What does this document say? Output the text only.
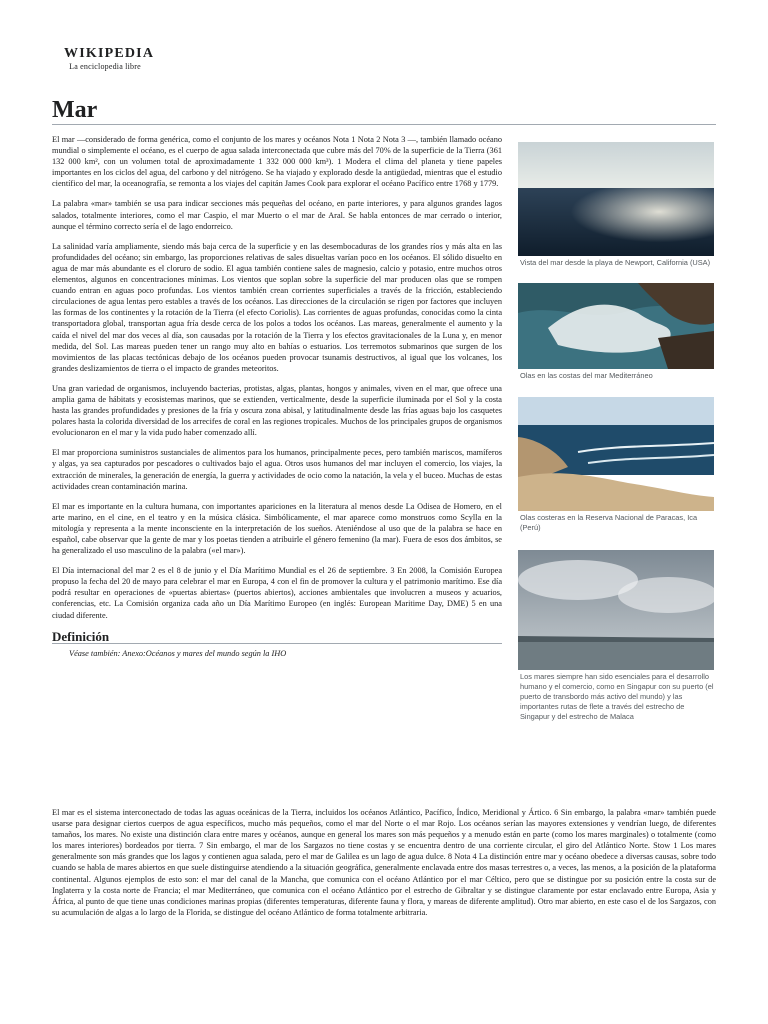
WIKIPEDIA
La enciclopedia libre
Mar

El mar —considerado de forma genérica, como el conjunto de los mares y océanos Nota 1 Nota 2 Nota 3 —, también llamado océano mundial o simplemente el océano, es el cuerpo de agua salada interconectada que cubre más del 70% de la superficie de la Tierra (361 132 000 km², con un volumen total de aproximadamente 1 332 000 000 km³). 1 Modera el clima del planeta y tiene papeles importantes en los ciclos del agua, del carbono y del nitrógeno. Se ha viajado y explorado desde la antigüedad, mientras que el estudio científico del mar, la oceanografía, se remonta a los viajes del capitán James Cook para explorar el océano Pacífico entre 1768 y 1779.

La palabra «mar» también se usa para indicar secciones más pequeñas del océano, en parte interiores, y para algunos grandes lagos salados, totalmente interiores, como el mar Caspio, el mar Muerto o el mar de Aral. Se habla entonces de mar cerrado o interior, aunque el término correcto sería el de lago endorreico.

La salinidad varía ampliamente, siendo más baja cerca de la superficie y en las desembocaduras de los grandes ríos y más alta en las profundidades del océano; sin embargo, las proporciones relativas de sales disueltas varían poco en los océanos. El sólido disuelto en agua de mar más abundante es el cloruro de sodio. El agua también contiene sales de magnesio, calcio y potasio, entre muchos otros elementos, algunos en concentraciones mínimas. Los vientos que soplan sobre la superficie del mar producen olas que se rompen cuando entran en aguas poco profundas. Los vientos también crean corrientes superficiales a través de la fricción, estableciendo circulaciones de agua lentas pero estables a través de los océanos. Las direcciones de la circulación se rigen por factores que incluyen las formas de los continentes y la rotación de la Tierra (el efecto Coriolis). Las corrientes de aguas profundas, conocidas como la cinta transportadora global, transportan agua fría desde cerca de los polos a todos los océanos. Las mareas, generalmente el aumento y la caída el nivel del mar dos veces al día, son causadas por la rotación de la Tierra y los efectos gravitacionales de la Luna y, en menor medida, del Sol. Las mareas pueden tener un rango muy alto en bahías o estuarios. Los terremotos submarinos que surgen de los movimientos de las placas tectónicas debajo de los océanos pueden provocar tsunamis destructivos, al igual que los volcanes, los grandes deslizamientos de tierra o el impacto de grandes meteoritos.

Una gran variedad de organismos, incluyendo bacterias, protistas, algas, plantas, hongos y animales, viven en el mar, que ofrece una amplia gama de hábitats y ecosistemas marinos, que se extienden, verticalmente, desde la superficie iluminada por el Sol y la costa hasta las grandes profundidades y presiones de la fría y oscura zona abisal, y latitudinalmente desde las frías aguas bajo los casquetes polares hasta la colorida diversidad de los arrecifes de coral en las regiones tropicales. Muchos de los principales grupos de organismos evolucionaron en el mar y la vida pudo haber comenzado allí.

El mar proporciona suministros sustanciales de alimentos para los humanos, principalmente peces, pero también mariscos, mamíferos y algas, ya sea capturados por pescadores o cultivados bajo el agua. Otros usos humanos del mar incluyen el comercio, los viajes, la extracción de minerales, la generación de energía, la guerra y actividades de ocio como la natación, la vela y el buceo. Muchas de estas actividades crean contaminación marina.

El mar es importante en la cultura humana, con importantes apariciones en la literatura al menos desde La Odisea de Homero, en el arte marino, en el cine, en el teatro y en la música clásica. Simbólicamente, el mar aparece como monstruos como Scylla en la mitología y representa a la mente inconsciente en la interpretación de los sueños. Ateniéndose al uso que de la palabra se hace en español, cabe observar que la gente de mar y los poetas tienden a atribuirle el género femenino (la mar). Fuera de esos dos ámbitos, se ha generalizado el uso masculino de la palabra («el mar»).

El Día internacional del mar 2 es el 8 de junio y el Día Marítimo Mundial es el 26 de septiembre. 3 En 2008, la Comisión Europea propuso la fecha del 20 de mayo para celebrar el mar en Europa, 4 con el fin de promover la cultura y el patrimonio marítimo. Ese día podrá resultar en operaciones de «puertas abiertas» (puertos abiertos), acciones ambientales que involucren a museos y acuarios, conferencias, etc. La Comisión organiza cada año un Día Marítimo Europeo (en inglés: European Maritime Day, DME) 5 en una ciudad diferente.

Definición
Véase también: Anexo:Océanos y mares del mundo según la IHO

El mar es el sistema interconectado de todas las aguas oceánicas de la Tierra, incluidos los océanos Atlántico, Pacífico, Índico, Meridional y Ártico. 6 Sin embargo, la palabra «mar» también puede usarse para designar ciertos cuerpos de agua específicos, mucho más pequeños, como el mar del Norte o el mar Rojo. Los océanos serían las mayores extensiones y vendrían luego, de diferentes tamaños, los mares. No existe una distinción clara entre mares y océanos, aunque en general los mares son más pequeños y a menudo están en parte (como los mares marginales) o totalmente (como los mares interiores) bordeados por tierra. 7 Sin embargo, el mar de los Sargazos no tiene costas y se encuentra dentro de una corriente circular, el giro del Atlántico Norte. Stow 1 Los mares generalmente son más grandes que los lagos y contienen agua salada, pero el mar de Galilea es un lago de agua dulce. 8 Nota 4 La distinción entre mar y océano obedece a diversas causas, sobre todo cuando se habla de mares abiertos en que suele distinguirse atendiendo a la situación geográfica, generalmente enclavada entre dos masas terrestres o, a veces, las menos, a la posición de la plataforma continental. Algunos ejemplos de esto son: el mar del canal de la Mancha, que comunica con el océano Atlántico por el mar Céltico, pero que se distingue por su posición entre la costa sur de Inglaterra y la costa norte de Francia; el mar Mediterráneo, que comunica con el océano Atlántico por el estrecho de Gibraltar y se distingue claramente por estar enclavado entre Europa, Asia y África, al punto de que tiene unas condiciones marinas propias (diferentes temperaturas, diferente fauna y flora, y mareas de diferente amplitud). Otro mar abierto, en este caso el de los Sargazos, con su acumulación de algas a lo largo de la Florida, se distingue del océano Atlántico de forma totalmente arbitraria.

Vista del mar desde la playa de Newport, California (USA)
Olas en las costas del mar Mediterráneo
Olas costeras en la Reserva Nacional de Paracas, Ica (Perú)
Los mares siempre han sido esenciales para el desarrollo humano y el comercio, como en Singapur con su puerto (el puerto de transbordo más activo del mundo) y las importantes rutas de flete a través del estrecho de Singapur y del estrecho de Malaca
